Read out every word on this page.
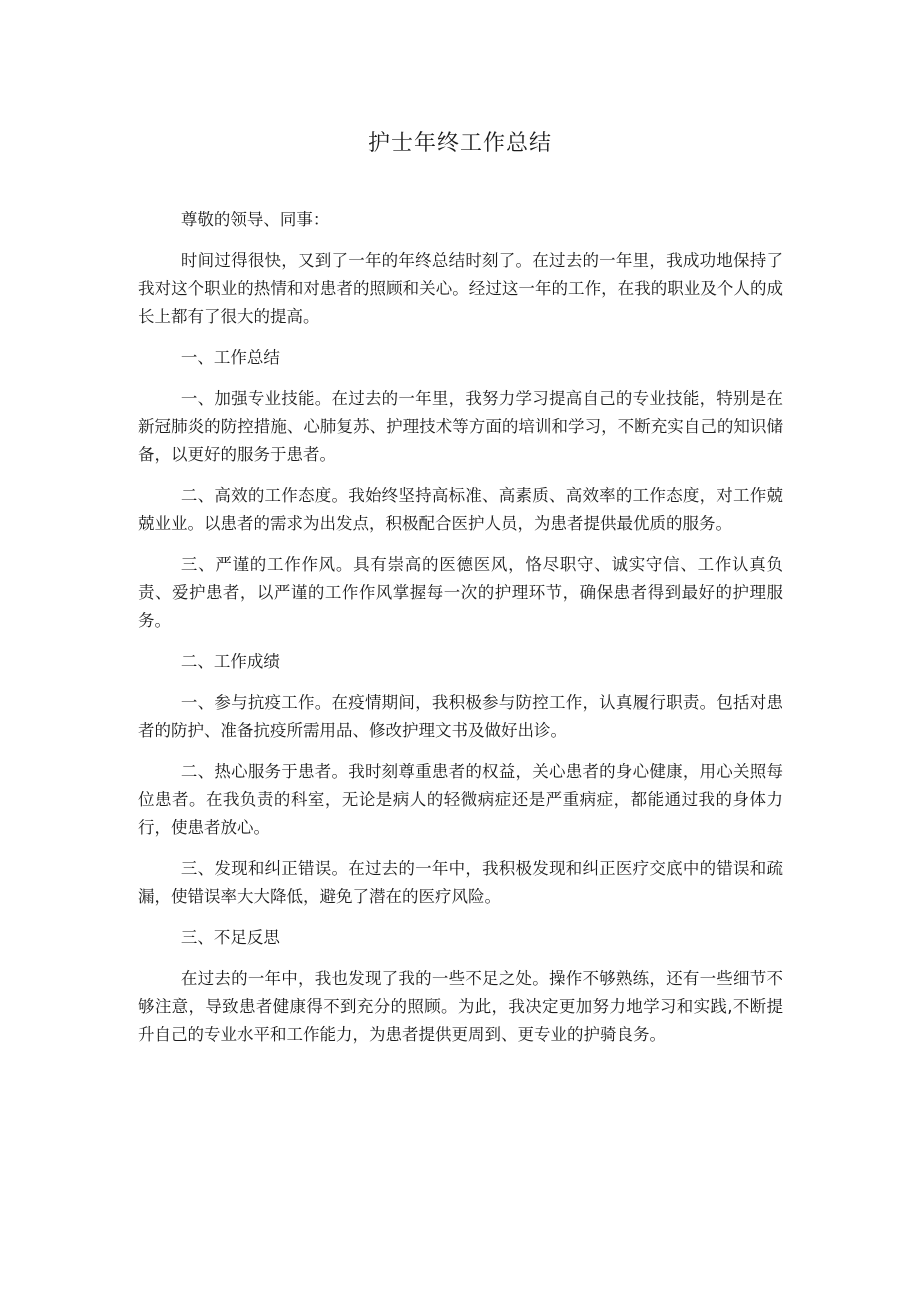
护士年终工作总结

尊敬的领导、同事：

时间过得很快，又到了一年的年终总结时刻了。在过去的一年里，我成功地保持了我对这个职业的热情和对患者的照顾和关心。经过这一年的工作，在我的职业及个人的成长上都有了很大的提高。

一、工作总结

一、加强专业技能。在过去的一年里，我努力学习提高自己的专业技能，特别是在新冠肺炎的防控措施、心肺复苏、护理技术等方面的培训和学习，不断充实自己的知识储备，以更好的服务于患者。

二、高效的工作态度。我始终坚持高标准、高素质、高效率的工作态度，对工作兢兢业业。以患者的需求为出发点，积极配合医护人员，为患者提供最优质的服务。

三、严谨的工作作风。具有崇高的医德医风，恪尽职守、诚实守信、工作认真负责、爱护患者，以严谨的工作作风掌握每一次的护理环节，确保患者得到最好的护理服务。

二、工作成绩

一、参与抗疫工作。在疫情期间，我积极参与防控工作，认真履行职责。包括对患者的防护、准备抗疫所需用品、修改护理文书及做好出诊。

二、热心服务于患者。我时刻尊重患者的权益，关心患者的身心健康，用心关照每位患者。在我负责的科室，无论是病人的轻微病症还是严重病症，都能通过我的身体力行，使患者放心。

三、发现和纠正错误。在过去的一年中，我积极发现和纠正医疗交底中的错误和疏漏，使错误率大大降低，避免了潜在的医疗风险。

三、不足反思

在过去的一年中，我也发现了我的一些不足之处。操作不够熟练，还有一些细节不够注意，导致患者健康得不到充分的照顾。为此，我决定更加努力地学习和实践,不断提升自己的专业水平和工作能力，为患者提供更周到、更专业的护骑良务。
